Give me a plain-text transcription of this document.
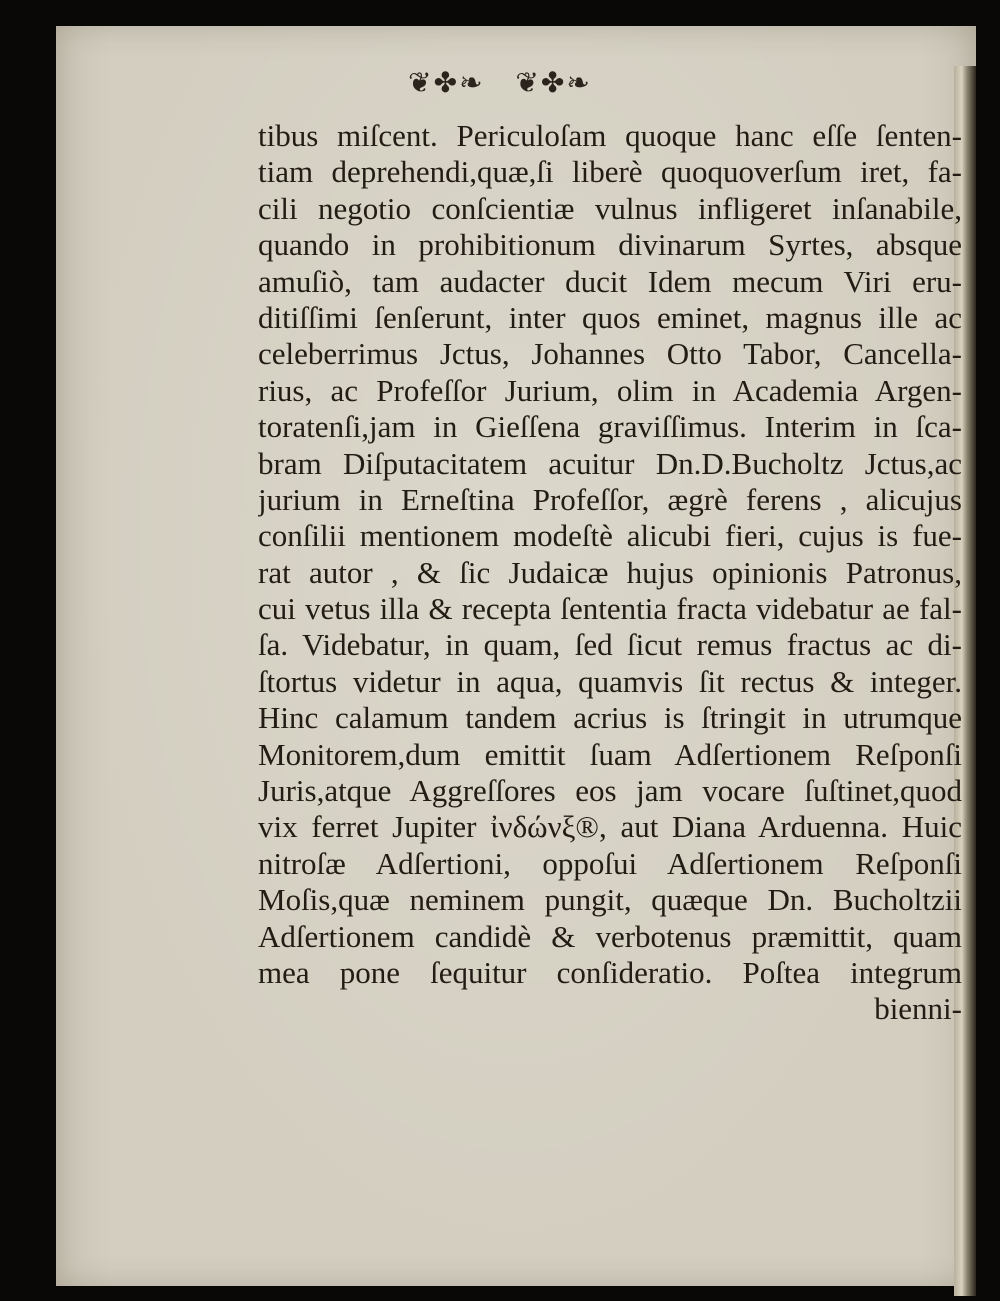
❦✤❧ ❦✤❧
tibus miſcent. Periculoſam quoque hanc eſſe ſenten-
tiam deprehendi,quæ,ſi liberè quoquoverſum iret, fa-
cili negotio conſcientiæ vulnus infligeret inſanabile,
quando in prohibitionum divinarum Syrtes, absque
amuſiò, tam audacter ducit Idem mecum Viri eru-
ditiſſimi ſenſerunt, inter quos eminet, magnus ille ac
celeberrimus Jctus, Johannes Otto Tabor, Cancella-
rius, ac Profeſſor Jurium, olim in Academia Argen-
toratenſi,jam in Gieſſena graviſſimus. Interim in ſca-
bram Diſputacitatem acuitur Dn.D.Bucholtz Jctus,ac
jurium in Erneſtina Profeſſor, ægrè ferens , alicujus
conſilii mentionem modeſtè alicubi fieri, cujus is fue-
rat autor , & ſic Judaicæ hujus opinionis Patronus,
cui vetus illa & recepta ſententia fracta videbatur ae fal-
ſa. Videbatur, in quam, ſed ſicut remus fractus ac di-
ſtortus videtur in aqua, quamvis ſit rectus & integer.
Hinc calamum tandem acrius is ſtringit in utrumque
Monitorem,dum emittit ſuam Adſertionem Reſponſi
Juris,atque Aggreſſores eos jam vocare ſuſtinet,quod
vix ferret Jupiter ἰνδώνξ®, aut Diana Arduenna. Huic
nitroſæ Adſertioni, oppoſui Adſertionem Reſponſi
Moſis,quæ neminem pungit, quæque Dn. Bucholtzii
Adſertionem candidè & verbotenus præmittit, quam
mea pone ſequitur conſideratio. Poſtea integrum
bienni-
